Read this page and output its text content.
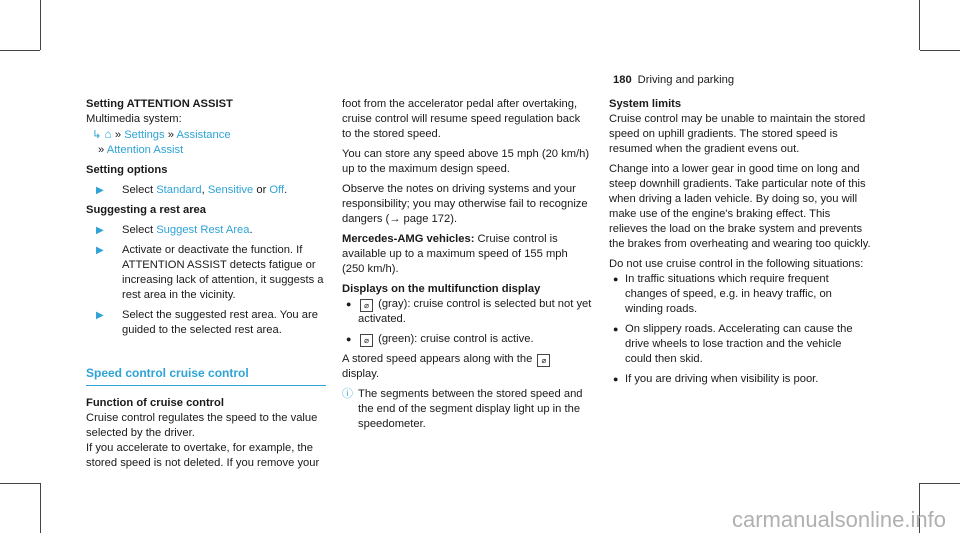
180 Driving and parking

Setting ATTENTION ASSIST

Multimedia system:

↳ ⌂ » Settings » Assistance
» Attention Assist

Setting options

▶ Select Standard, Sensitive or Off.

Suggesting a rest area

▶ Select Suggest Rest Area.
▶ Activate or deactivate the function. If ATTENTION ASSIST detects fatigue or increasing lack of attention, it suggests a rest area in the vicinity.
▶ Select the suggested rest area. You are guided to the selected rest area.
Speed control cruise control

Function of cruise control

Cruise control regulates the speed to the value selected by the driver.

If you accelerate to overtake, for example, the stored speed is not deleted. If you remove your

foot from the accelerator pedal after overtaking, cruise control will resume speed regulation back to the stored speed.

You can store any speed above 15 mph (20 km/h) up to the maximum design speed.

Observe the notes on driving systems and your responsibility; you may otherwise fail to recognize dangers (→ page 172).

Mercedes-AMG vehicles: Cruise control is available up to a maximum speed of 155 mph (250 km/h).

Displays on the multifunction display

● ⌀ (gray): cruise control is selected but not yet activated.
● ⌀ (green): cruise control is active.

A stored speed appears along with the ⌀ display.

ⓘ The segments between the stored speed and the end of the segment display light up in the speedometer.

System limits

Cruise control may be unable to maintain the stored speed on uphill gradients. The stored speed is resumed when the gradient evens out.

Change into a lower gear in good time on long and steep downhill gradients. Take particular note of this when driving a laden vehicle. By doing so, you will make use of the engine's braking effect. This relieves the load on the brake system and prevents the brakes from overheating and wearing too quickly.

Do not use cruise control in the following situations:

● In traffic situations which require frequent changes of speed, e.g. in heavy traffic, on winding roads.
● On slippery roads. Accelerating can cause the drive wheels to lose traction and the vehicle could then skid.
● If you are driving when visibility is poor.
carmanualsonline.info
